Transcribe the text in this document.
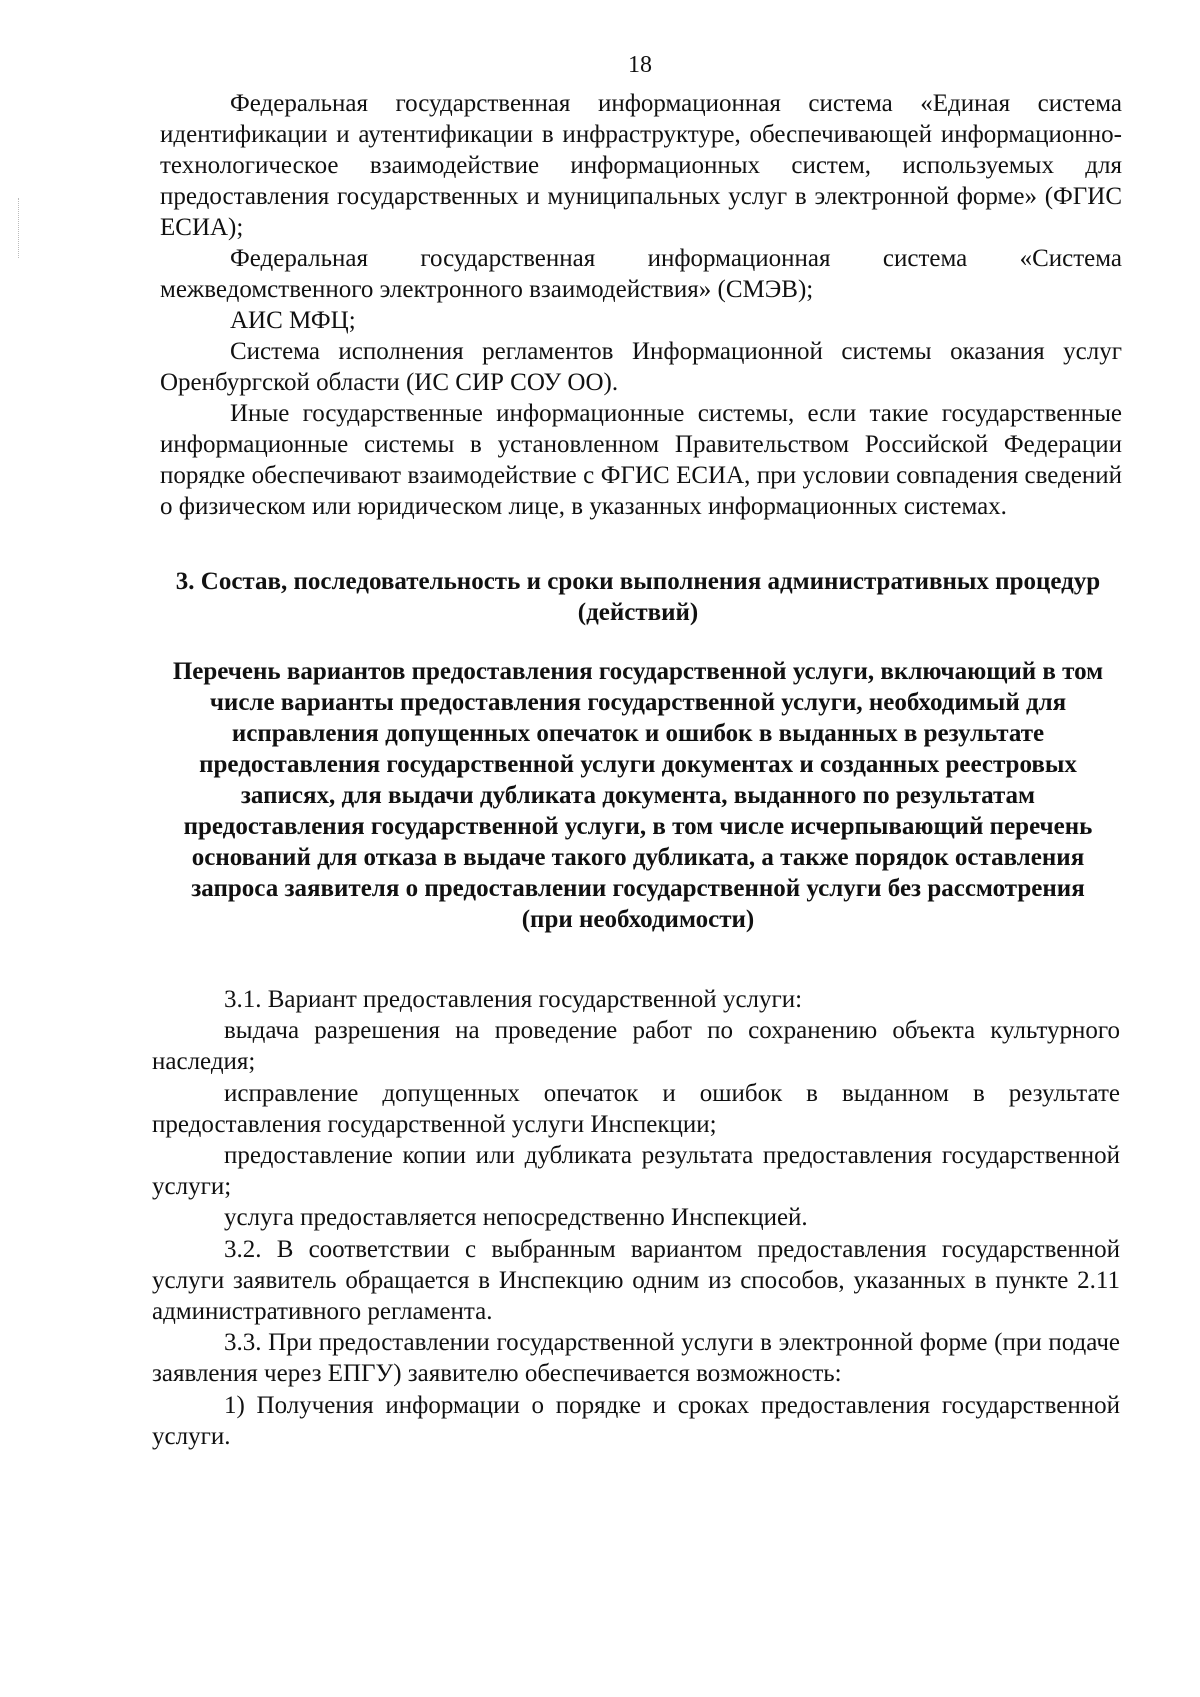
18

Федеральная государственная информационная система «Единая система идентификации и аутентификации в инфраструктуре, обеспечивающей информационно-технологическое взаимодействие информационных систем, используемых для предоставления государственных и муниципальных услуг в электронной форме» (ФГИС ЕСИА);

Федеральная государственная информационная система «Система межведомственного электронного взаимодействия» (СМЭВ);

АИС МФЦ;

Система исполнения регламентов Информационной системы оказания услуг Оренбургской области (ИС СИР СОУ ОО).

Иные государственные информационные системы, если такие государственные информационные системы в установленном Правительством Российской Федерации порядке обеспечивают взаимодействие с ФГИС ЕСИА, при условии совпадения сведений о физическом или юридическом лице, в указанных информационных системах.

3. Состав, последовательность и сроки выполнения административных процедур (действий)
Перечень вариантов предоставления государственной услуги, включающий в том числе варианты предоставления государственной услуги, необходимый для исправления допущенных опечаток и ошибок в выданных в результате предоставления государственной услуги документах и созданных реестровых записях, для выдачи дубликата документа, выданного по результатам предоставления государственной услуги, в том числе исчерпывающий перечень оснований для отказа в выдаче такого дубликата, а также порядок оставления запроса заявителя о предоставлении государственной услуги без рассмотрения (при необходимости)

3.1. Вариант предоставления государственной услуги:

выдача разрешения на проведение работ по сохранению объекта культурного наследия;

исправление допущенных опечаток и ошибок в выданном в результате предоставления государственной услуги Инспекции;

предоставление копии или дубликата результата предоставления государственной услуги;

услуга предоставляется непосредственно Инспекцией.

3.2. В соответствии с выбранным вариантом предоставления государственной услуги заявитель обращается в Инспекцию одним из способов, указанных в пункте 2.11 административного регламента.

3.3. При предоставлении государственной услуги в электронной форме (при подаче заявления через ЕПГУ) заявителю обеспечивается возможность:

1) Получения информации о порядке и сроках предоставления государственной услуги.
